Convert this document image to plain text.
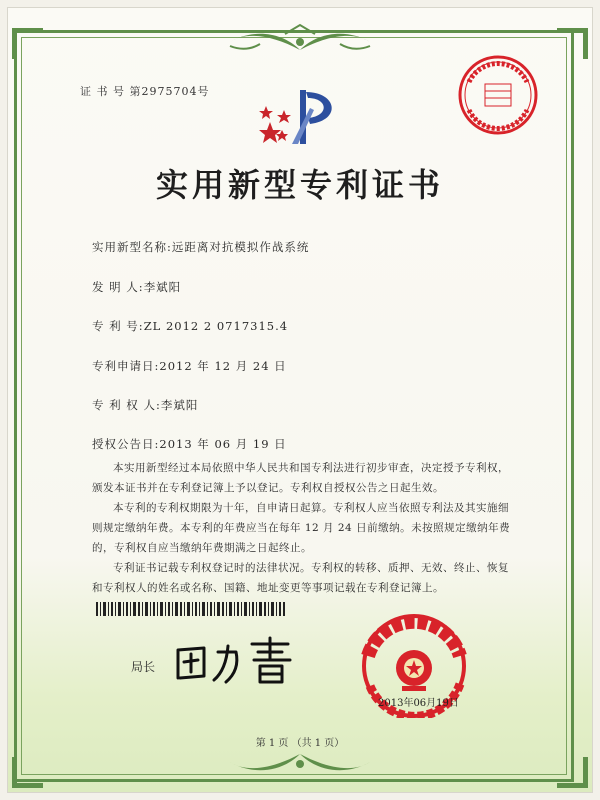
证 书 号 第2975704号
实用新型专利证书
实用新型名称:远距离对抗模拟作战系统
发 明 人:李斌阳
专 利 号:ZL 2012 2 0717315.4
专利申请日:2012 年 12 月 24 日
专 利 权 人:李斌阳
授权公告日:2013 年 06 月 19 日

本实用新型经过本局依照中华人民共和国专利法进行初步审查，决定授予专利权，颁发本证书并在专利登记簿上予以登记。专利权自授权公告之日起生效。

本专利的专利权期限为十年，自申请日起算。专利权人应当依照专利法及其实施细则规定缴纳年费。本专利的年费应当在每年 12 月 24 日前缴纳。未按照规定缴纳年费的，专利权自应当缴纳年费期满之日起终止。

专利证书记载专利权登记时的法律状况。专利权的转移、质押、无效、终止、恢复和专利权人的姓名或名称、国籍、地址变更等事项记载在专利登记簿上。

局长
2013年06月19日
第 1 页 （共 1 页）
